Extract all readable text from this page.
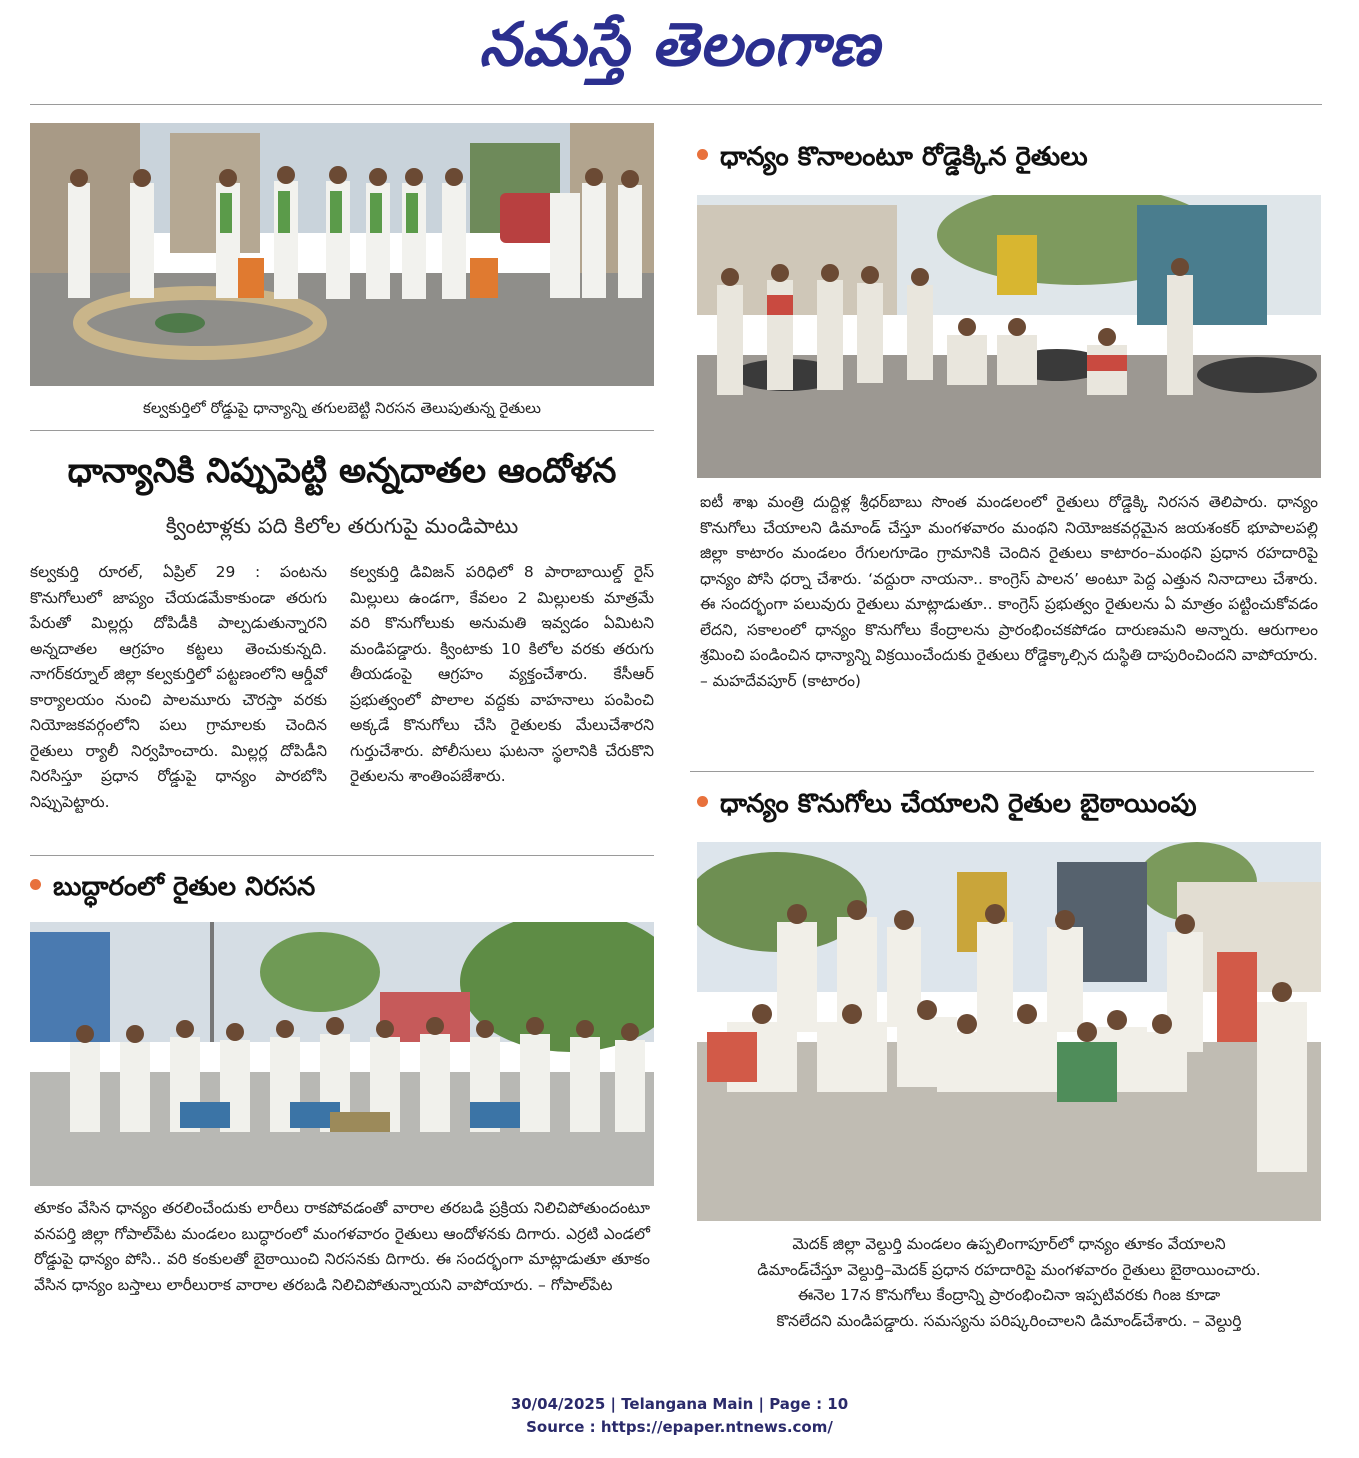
నమస్తే తెలంగాణ
కల్వకుర్తిలో రోడ్డుపై ధాన్యాన్ని తగులబెట్టి నిరసన తెలుపుతున్న రైతులు
ధాన్యానికి నిప్పుపెట్టి అన్నదాతల ఆందోళన
క్వింటాళ్లకు పది కిలోల తరుగుపై మండిపాటు

కల్వకుర్తి రూరల్‌, ఏప్రిల్‌ 29 : పంటను కొనుగోలులో జాప్యం చేయడమేకాకుండా తరుగు పేరుతో మిల్లర్లు దోపిడీకి పాల్పడుతున్నారని అన్నదాతల ఆగ్రహం కట్టలు తెంచుకున్నది. నాగర్‌కర్నూల్‌ జిల్లా కల్వకుర్తిలో పట్టణంలోని ఆర్డీవో కార్యాలయం నుంచి పాలమూరు చౌరస్తా వరకు నియోజకవర్గంలోని పలు గ్రామాలకు చెందిన రైతులు ర్యాలీ నిర్వహించారు. మిల్లర్ల దోపిడీని నిరసిస్తూ ప్రధాన రోడ్డుపై ధాన్యం పారబోసి నిప్పుపెట్టారు.

కల్వకుర్తి డివిజన్‌ పరిధిలో 8 పారాబాయిల్డ్‌ రైస్‌ మిల్లులు ఉండగా, కేవలం 2 మిల్లులకు మాత్రమే వరి కొనుగోలుకు అనుమతి ఇవ్వడం ఏమిటని మండిపడ్డారు. క్వింటాకు 10 కిలోల వరకు తరుగు తీయడంపై ఆగ్రహం వ్యక్తంచేశారు. కేసీఆర్‌ ప్రభుత్వంలో పొలాల వద్దకు వాహనాలు పంపించి అక్కడే కొనుగోలు చేసి రైతులకు మేలుచేశారని గుర్తుచేశారు. పోలీసులు ఘటనా స్థలానికి చేరుకొని రైతులను శాంతింపజేశారు.

బుద్ధారంలో రైతుల నిరసన

తూకం వేసిన ధాన్యం తరలించేందుకు లారీలు రాకపోవడంతో వారాల తరబడి ప్రక్రియ నిలిచిపోతుందంటూ వనపర్తి జిల్లా గోపాల్‌పేట మండలం బుద్ధారంలో మంగళవారం రైతులు ఆందోళనకు దిగారు. ఎర్రటి ఎండలో రోడ్డుపై ధాన్యం పోసి.. వరి కంకులతో బైఠాయించి నిరసనకు దిగారు. ఈ సందర్భంగా మాట్లాడుతూ తూకం వేసిన ధాన్యం బస్తాలు లారీలురాక వారాల తరబడి నిలిచిపోతున్నాయని వాపోయారు. – గోపాల్‌పేట

ధాన్యం కొనాలంటూ రోడ్డెక్కిన రైతులు

ఐటీ శాఖ మంత్రి దుద్దిళ్ల శ్రీధర్‌బాబు సొంత మండలంలో రైతులు రోడ్డెక్కి నిరసన తెలిపారు. ధాన్యం కొనుగోలు చేయాలని డిమాండ్‌ చేస్తూ మంగళవారం మంథని నియోజకవర్గమైన జయశంకర్‌ భూపాలపల్లి జిల్లా కాటారం మండలం రేగులగూడెం గ్రామానికి చెందిన రైతులు కాటారం–మంథని ప్రధాన రహదారిపై ధాన్యం పోసి ధర్నా చేశారు. ‘వద్దురా నాయనా.. కాంగ్రెస్‌ పాలన’ అంటూ పెద్ద ఎత్తున నినాదాలు చేశారు. ఈ సందర్భంగా పలువురు రైతులు మాట్లాడుతూ.. కాంగ్రెస్‌ ప్రభుత్వం రైతులను ఏ మాత్రం పట్టించుకోవడం లేదని, సకాలంలో ధాన్యం కొనుగోలు కేంద్రాలను ప్రారంభించకపోడం దారుణమని అన్నారు. ఆరుగాలం శ్రమించి పండించిన ధాన్యాన్ని విక్రయించేందుకు రైతులు రోడ్డెక్కాల్సిన దుస్థితి దాపురించిందని వాపోయారు. – మహదేవపూర్‌ (కాటారం)

ధాన్యం కొనుగోలు చేయాలని రైతుల బైఠాయింపు
మెదక్‌ జిల్లా వెల్దుర్తి మండలం ఉప్పలింగాపూర్‌లో ధాన్యం తూకం వేయాలని
డిమాండ్‌చేస్తూ వెల్దుర్తి–మెదక్‌ ప్రధాన రహదారిపై మంగళవారం రైతులు బైఠాయించారు.
ఈనెల 17న కొనుగోలు కేంద్రాన్ని ప్రారంభించినా ఇప్పటివరకు గింజ కూడా
కొనలేదని మండిపడ్డారు. సమస్యను పరిష్కరించాలని డిమాండ్‌చేశారు. – వెల్దుర్తి
30/04/2025 | Telangana Main | Page : 10
Source : https://epaper.ntnews.com/
